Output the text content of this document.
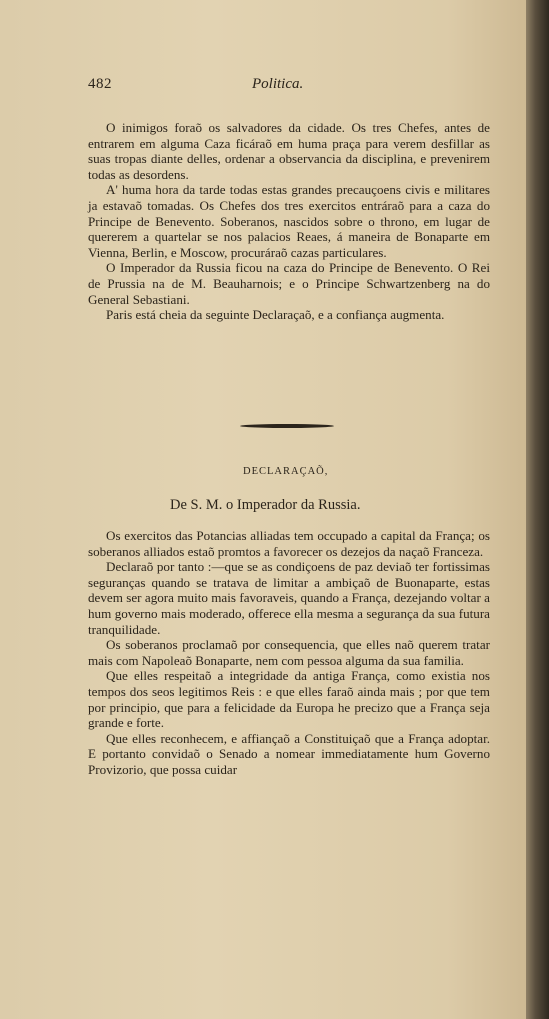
482	Politica.

O inimigos foraõ os salvadores da cidade. Os tres Chefes, antes de entrarem em alguma Caza ficáraõ em huma praça para verem desfillar as suas tropas diante delles, ordenar a observancia da disciplina, e prevenirem todas as desordens.

A' huma hora da tarde todas estas grandes precauçoens civis e militares ja estavaõ tomadas. Os Chefes dos tres exercitos entráraõ para a caza do Principe de Benevento. Soberanos, nascidos sobre o throno, em lugar de quererem a quartelar se nos palacios Reaes, á maneira de Bonaparte em Vienna, Berlin, e Moscow, procuráraõ cazas particulares.

O Imperador da Russia ficou na caza do Principe de Benevento. O Rei de Prussia na de M. Beauharnois; e o Principe Schwartzenberg na do General Sebastiani.

Paris está cheia da seguinte Declaraçaõ, e a confiança augmenta.

DECLARAÇAÕ,
De S. M. o Imperador da Russia.

Os exercitos das Potancias alliadas tem occupado a capital da França; os soberanos alliados estaõ promtos a favorecer os dezejos da naçaõ Franceza.

Declaraõ por tanto :—que se as condiçoens de paz deviaõ ter fortissimas seguranças quando se tratava de limitar a ambiçaõ de Buonaparte, estas devem ser agora muito mais favoraveis, quando a França, dezejando voltar a hum governo mais moderado, offerece ella mesma a segurança da sua futura tranquilidade.

Os soberanos proclamaõ por consequencia, que elles naõ querem tratar mais com Napoleaõ Bonaparte, nem com pessoa alguma da sua familia.

Que elles respeitaõ a integridade da antiga França, como existia nos tempos dos seos legitimos Reis : e que elles faraõ ainda mais ; por que tem por principio, que para a felicidade da Europa he precizo que a França seja grande e forte.

Que elles reconhecem, e affiançaõ a Constituiçaõ que a França adoptar. E portanto convidaõ o Senado a nomear immediatamente hum Governo Provizorio, que possa cuidar
